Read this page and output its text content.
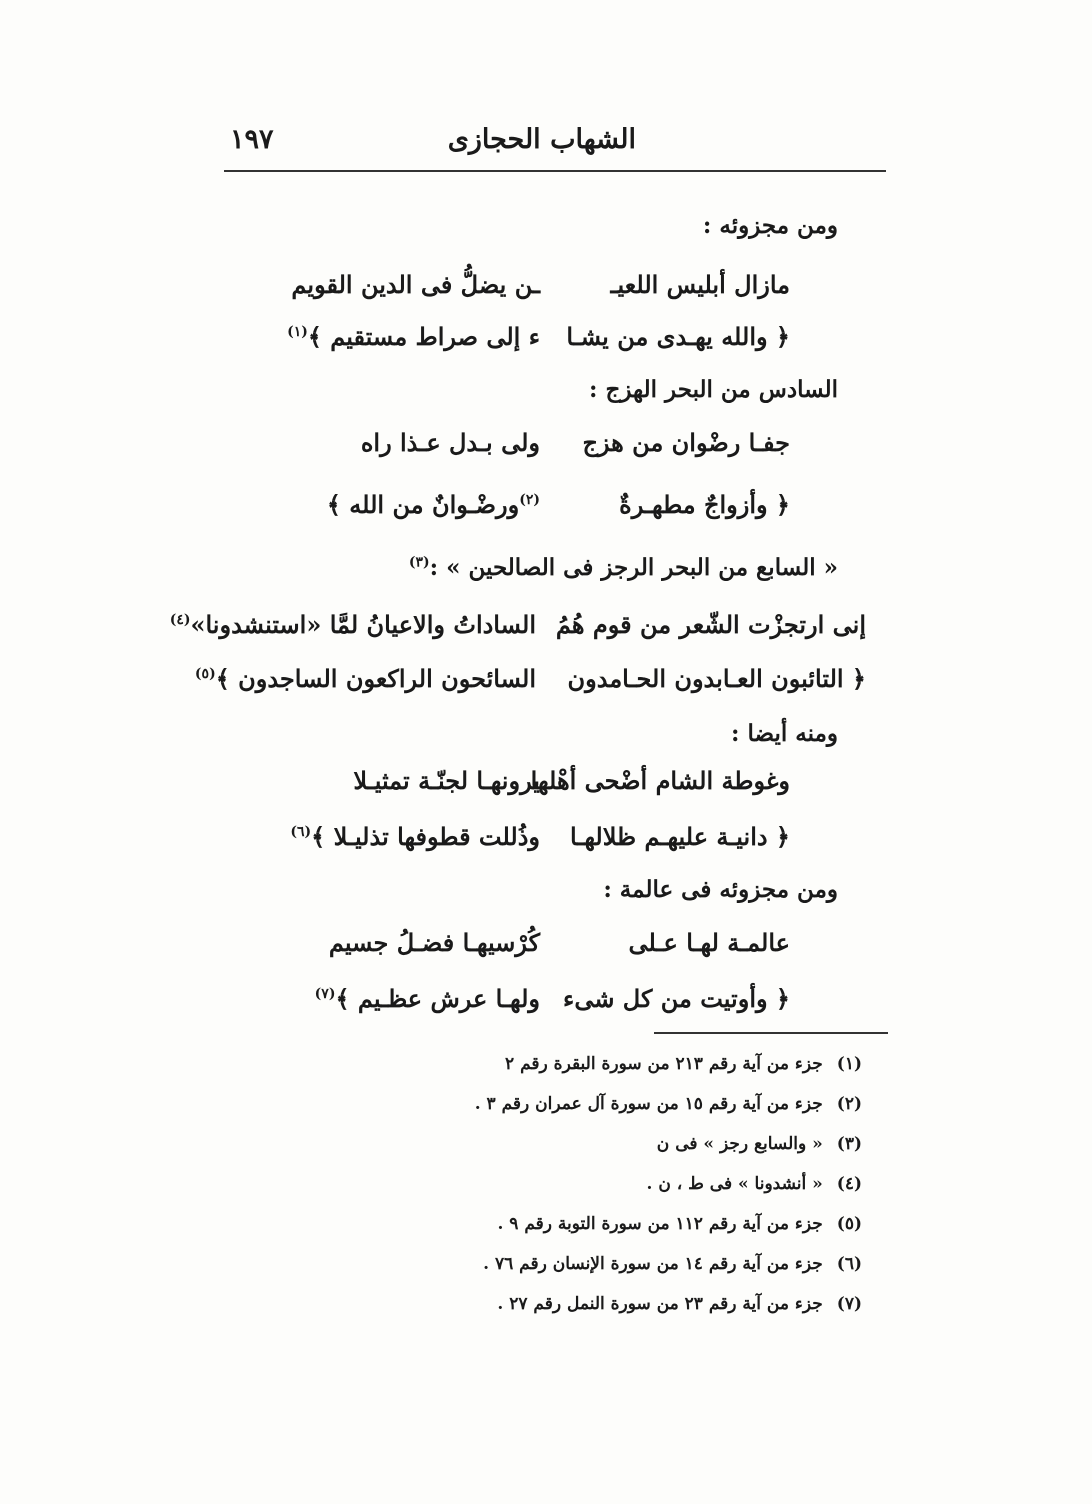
الشهاب الحجازى
١٩٧
ومن مجزوئه :
مازال أبليس اللعيـ
ـن يضلُّ فى الدين القويم
﴿ والله يهـدى من يشـا
ء إلى صراط مستقيم ﴾$^{(١)}$
السادس من البحر الهزج :
جفـا رضْوان من هزج
ولى بـدل عـذا راه
﴿ وأزواجٌ مطهـرةٌ
$^{(٢)}$ورضْـوانٌ من الله ﴾
« السابع من البحر الرجز فى الصالحين » :$^{(٣)}$
إنى ارتجزْت الشّعر من قوم هُمُ
الساداتُ والاعيانُ لمَّا «استنشدونا»$^{(٤)}$
﴿ التائبون العـابدون الحـامدون
السائحون الراكعون الساجدون ﴾$^{(٥)}$
ومنه أيضا :
وغوطة الشام أضْحى أهْلها
يرونهـا لجنّـة تمثيـلا
﴿ دانيـة عليهـم ظلالهـا
وذُللت قطوفها تذليـلا ﴾$^{(٦)}$
ومن مجزوئه فى عالمة :
عالمـة لهـا عـلى
كُرْسيهـا فضـلُ جسيم
﴿ وأوتيت من كل شىء
ولهـا عرش عظـيم ﴾$^{(٧)}$
(١)جزء من آية رقم ٢١٣ من سورة البقرة رقم ٢
(٢)جزء من آية رقم ١٥ من سورة آل عمران رقم ٣ .
(٣)« والسابع رجز » فى ن
(٤)« أنشدونا » فى ط ، ن .
(٥)جزء من آية رقم ١١٢ من سورة التوبة رقم ٩ .
(٦)جزء من آية رقم ١٤ من سورة الإنسان رقم ٧٦ .
(٧)جزء من آية رقم ٢٣ من سورة النمل رقم ٢٧ .
